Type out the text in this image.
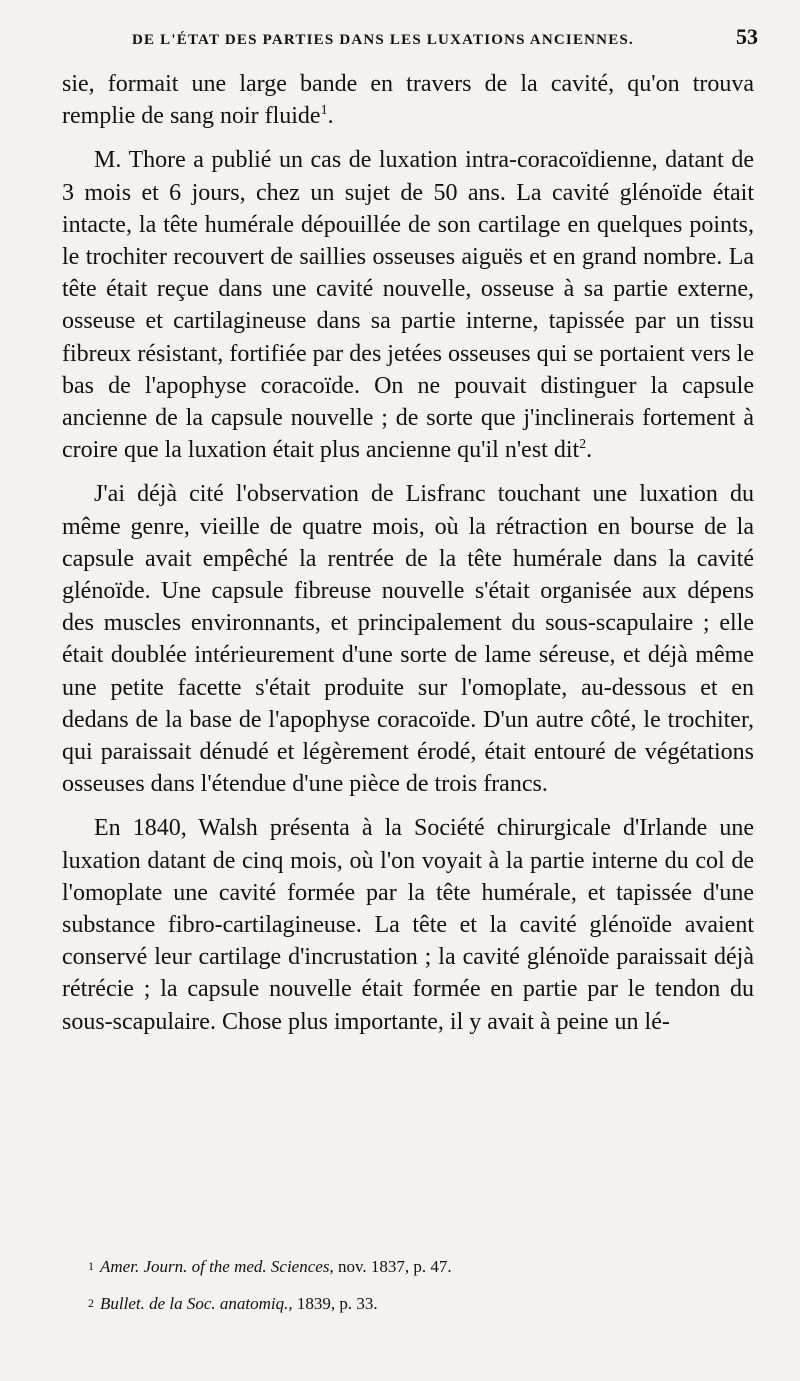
DE L'ÉTAT DES PARTIES DANS LES LUXATIONS ANCIENNES.	53

sie, formait une large bande en travers de la cavité, qu'on trouva remplie de sang noir fluide$^1$.

M. Thore a publié un cas de luxation intra-coracoïdienne, datant de 3 mois et 6 jours, chez un sujet de 50 ans. La cavité glénoïde était intacte, la tête humérale dépouillée de son cartilage en quelques points, le trochiter recouvert de saillies osseuses aiguës et en grand nombre. La tête était reçue dans une cavité nouvelle, osseuse à sa partie externe, osseuse et cartilagineuse dans sa partie interne, tapissée par un tissu fibreux résistant, fortifiée par des jetées osseuses qui se portaient vers le bas de l'apophyse coracoïde. On ne pouvait distinguer la capsule ancienne de la capsule nouvelle ; de sorte que j'inclinerais fortement à croire que la luxation était plus ancienne qu'il n'est dit$^2$.

J'ai déjà cité l'observation de Lisfranc touchant une luxation du même genre, vieille de quatre mois, où la rétraction en bourse de la capsule avait empêché la rentrée de la tête humérale dans la cavité glénoïde. Une capsule fibreuse nouvelle s'était organisée aux dépens des muscles environnants, et principalement du sous-scapulaire ; elle était doublée intérieurement d'une sorte de lame séreuse, et déjà même une petite facette s'était produite sur l'omoplate, au-dessous et en dedans de la base de l'apophyse coracoïde. D'un autre côté, le trochiter, qui paraissait dénudé et légèrement érodé, était entouré de végétations osseuses dans l'étendue d'une pièce de trois francs.

En 1840, Walsh présenta à la Société chirurgicale d'Irlande une luxation datant de cinq mois, où l'on voyait à la partie interne du col de l'omoplate une cavité formée par la tête humérale, et tapissée d'une substance fibro-cartilagineuse. La tête et la cavité glénoïde avaient conservé leur cartilage d'incrustation ; la cavité glénoïde paraissait déjà rétrécie ; la capsule nouvelle était formée en partie par le tendon du sous-scapulaire. Chose plus importante, il y avait à peine un lé-

1 Amer. Journ. of the med. Sciences, nov. 1837, p. 47.
2 Bullet. de la Soc. anatomiq., 1839, p. 33.
